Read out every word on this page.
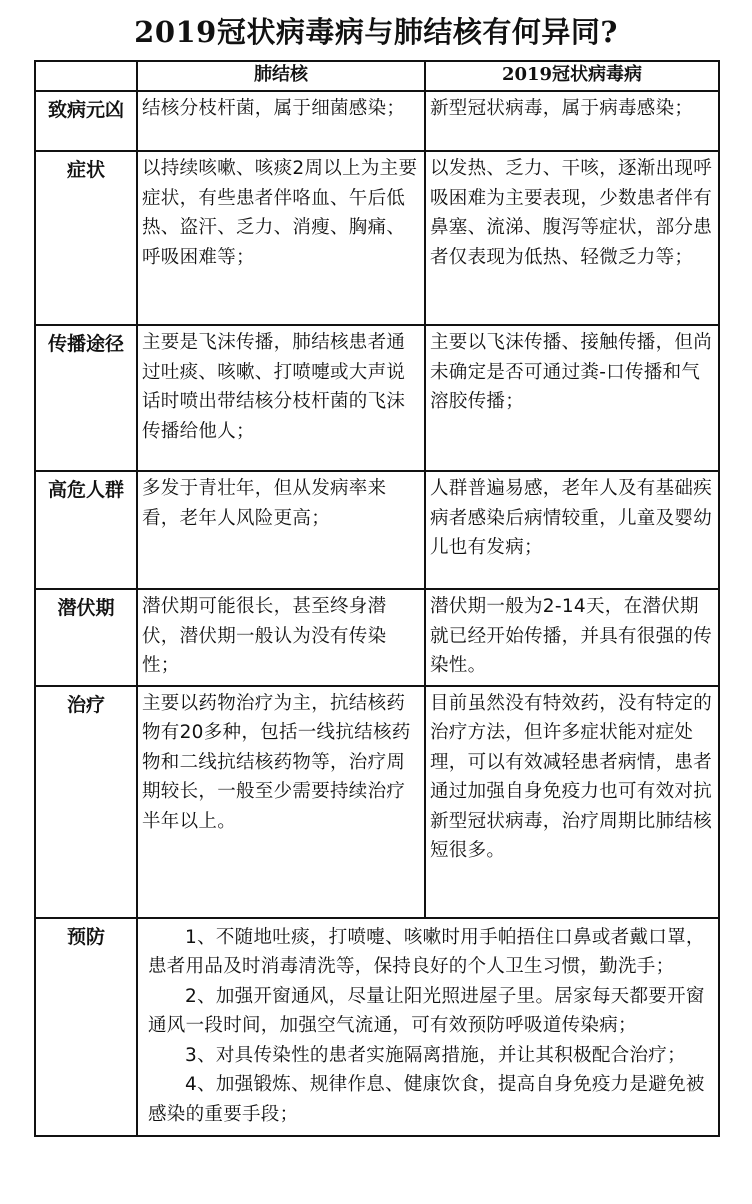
2019冠状病毒病与肺结核有何异同?
	肺结核	2019冠状病毒病
致病元凶	结核分枝杆菌，属于细菌感染；	新型冠状病毒，属于病毒感染；
症状	以持续咳嗽、咳痰2周以上为主要症状，有些患者伴咯血、午后低热、盗汗、乏力、消瘦、胸痛、呼吸困难等；	以发热、乏力、干咳，逐渐出现呼吸困难为主要表现，少数患者伴有鼻塞、流涕、腹泻等症状，部分患者仅表现为低热、轻微乏力等；
传播途径	主要是飞沫传播，肺结核患者通过吐痰、咳嗽、打喷嚏或大声说话时喷出带结核分枝杆菌的飞沫传播给他人；	主要以飞沫传播、接触传播，但尚未确定是否可通过粪-口传播和气溶胶传播；
高危人群	多发于青壮年，但从发病率来看，老年人风险更高；	人群普遍易感，老年人及有基础疾病者感染后病情较重，儿童及婴幼儿也有发病；
潜伏期	潜伏期可能很长，甚至终身潜伏，潜伏期一般认为没有传染性；	潜伏期一般为2-14天，在潜伏期就已经开始传播，并具有很强的传染性。
治疗	主要以药物治疗为主，抗结核药物有20多种，包括一线抗结核药物和二线抗结核药物等，治疗周期较长，一般至少需要持续治疗半年以上。	目前虽然没有特效药，没有特定的治疗方法，但许多症状能对症处理，可以有效减轻患者病情，患者通过加强自身免疫力也可有效对抗新型冠状病毒，治疗周期比肺结核短很多。
预防	1、不随地吐痰，打喷嚏、咳嗽时用手帕捂住口鼻或者戴口罩，患者用品及时消毒清洗等，保持良好的个人卫生习惯，勤洗手；

2、加强开窗通风，尽量让阳光照进屋子里。居家每天都要开窗通风一段时间，加强空气流通，可有效预防呼吸道传染病；

3、对具传染性的患者实施隔离措施，并让其积极配合治疗；

4、加强锻炼、规律作息、健康饮食，提高自身免疫力是避免被感染的重要手段；	
